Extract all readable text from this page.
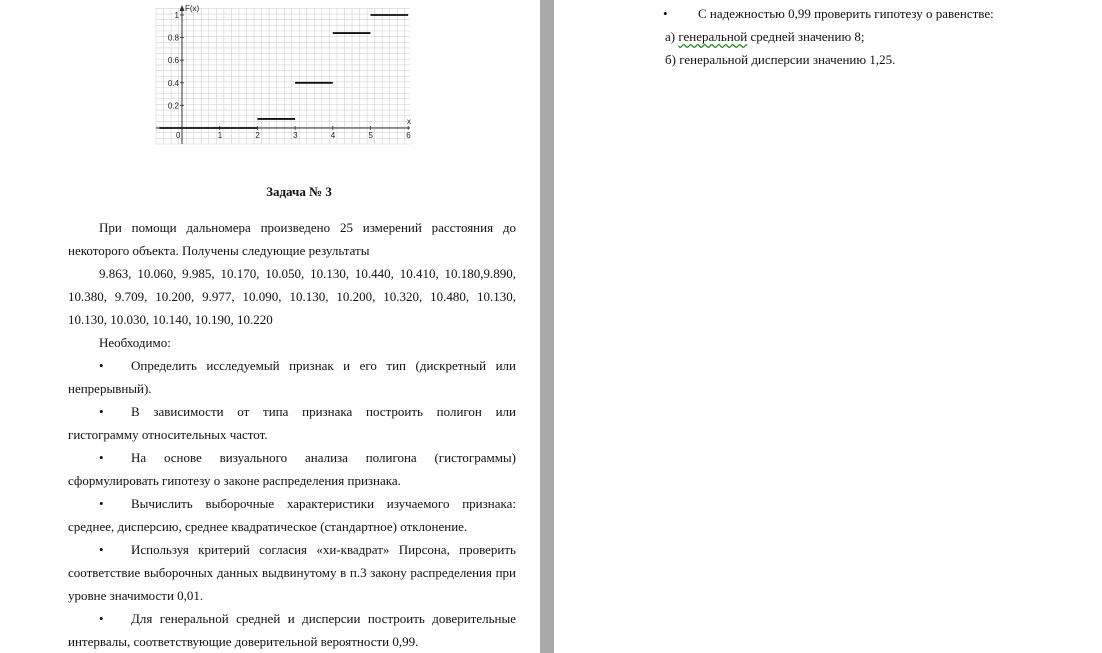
0	1	2	3	4	5	6
0.2
0.4
0.6
0.8
1
F(x)
x
Задача № 3

При помощи дальномера произведено 25 измерений расстояния до некоторого объекта. Получены следующие результаты

9.863, 10.060, 9.985, 10.170, 10.050, 10.130, 10.440, 10.410, 10.180,9.890, 10.380, 9.709, 10.200, 9.977, 10.090, 10.130, 10.200, 10.320, 10.480, 10.130, 10.130, 10.030, 10.140, 10.190, 10.220

Необходимо:

•	Определить исследуемый признак и его тип (дискретный или непрерывный).

•	В зависимости от типа признака построить полигон или гистограмму относительных частот.

•	На основе визуального анализа полигона (гистограммы) сформулировать гипотезу о законе распределения признака.

•	Вычислить выборочные характеристики изучаемого признака: среднее, дисперсию, среднее квадратическое (стандартное) отклонение.

•	Используя критерий согласия «хи-квадрат» Пирсона, проверить соответствие выборочных данных выдвинутому в п.3 закону распределения при уровне значимости 0,01.

•	Для генеральной средней и дисперсии построить доверительные интервалы, соответствующие доверительной вероятности 0,99.

• С надежностью 0,99 проверить гипотезу о равенстве:

а) генеральной средней значению 8;

б) генеральной дисперсии значению 1,25.
